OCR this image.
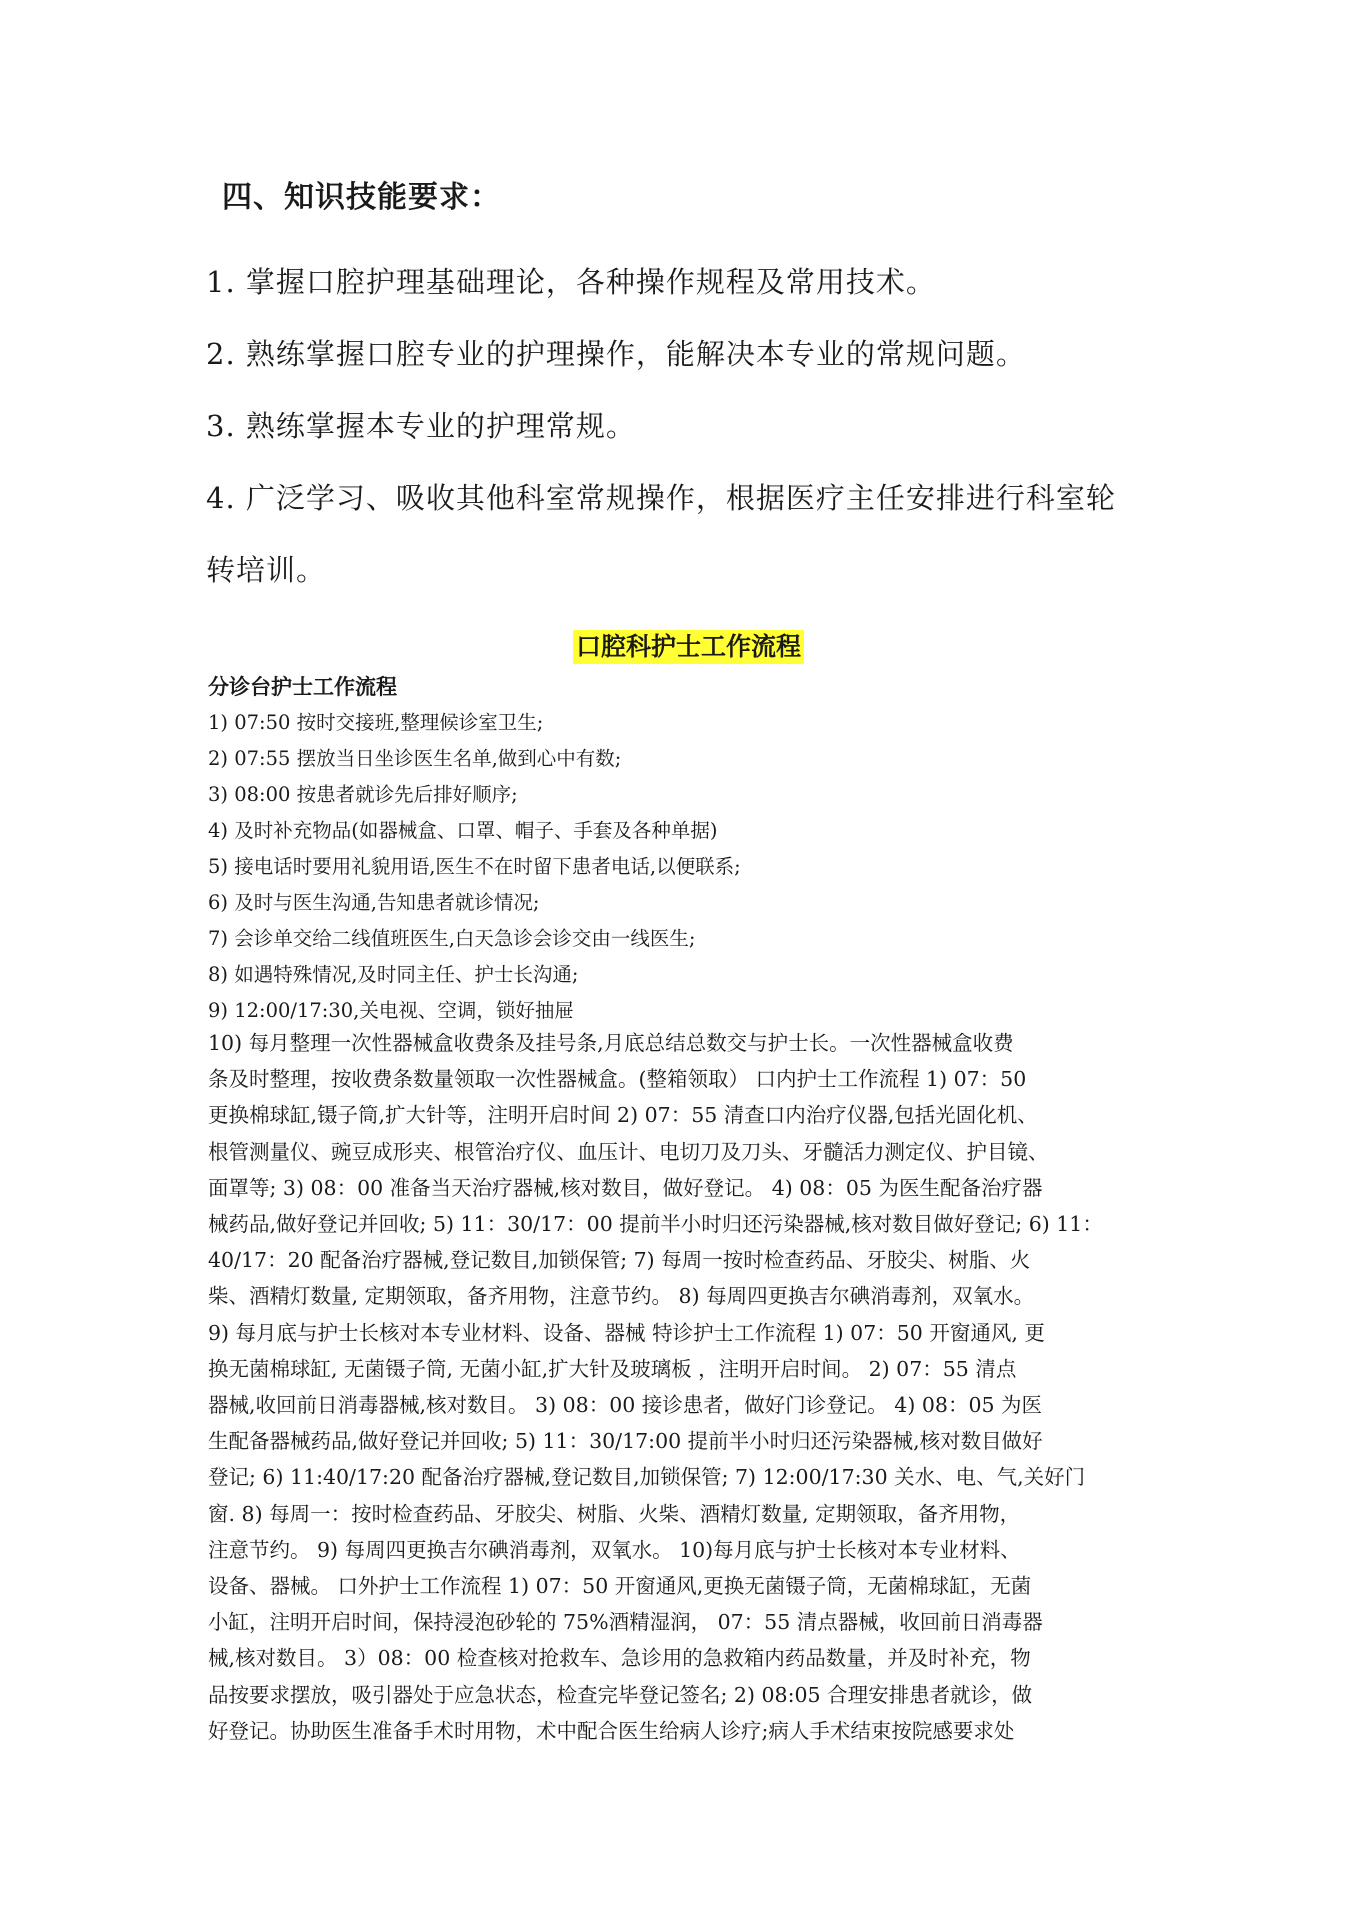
四、知识技能要求：
1. 掌握口腔护理基础理论，各种操作规程及常用技术。
2. 熟练掌握口腔专业的护理操作，能解决本专业的常规问题。
3. 熟练掌握本专业的护理常规。
4. 广泛学习、吸收其他科室常规操作，根据医疗主任安排进行科室轮
转培训。
口腔科护士工作流程
分诊台护士工作流程
1) 07:50 按时交接班,整理候诊室卫生;
2) 07:55 摆放当日坐诊医生名单,做到心中有数;
3) 08:00 按患者就诊先后排好顺序;
4) 及时补充物品(如器械盒、口罩、帽子、手套及各种单据)
5) 接电话时要用礼貌用语,医生不在时留下患者电话,以便联系;
6) 及时与医生沟通,告知患者就诊情况;
7) 会诊单交给二线值班医生,白天急诊会诊交由一线医生;
8) 如遇特殊情况,及时同主任、护士长沟通;
9) 12:00/17:30,关电视、空调，锁好抽屉
10) 每月整理一次性器械盒收费条及挂号条,月底总结总数交与护士长。一次性器械盒收费
条及时整理，按收费条数量领取一次性器械盒。(整箱领取） 口内护士工作流程 1) 07：50
更换棉球缸,镊子筒,扩大针等，注明开启时间 2) 07：55 清查口内治疗仪器,包括光固化机、
根管测量仪、豌豆成形夹、根管治疗仪、血压计、电切刀及刀头、牙髓活力测定仪、护目镜、
面罩等; 3) 08：00 准备当天治疗器械,核对数目，做好登记。 4) 08：05 为医生配备治疗器
械药品,做好登记并回收; 5) 11：30/17：00 提前半小时归还污染器械,核对数目做好登记; 6) 11：
40/17：20 配备治疗器械,登记数目,加锁保管; 7) 每周一按时检查药品、牙胶尖、树脂、火
柴、酒精灯数量, 定期领取，备齐用物，注意节约。 8) 每周四更换吉尔碘消毒剂，双氧水。
9) 每月底与护士长核对本专业材料、设备、器械 特诊护士工作流程 1) 07：50 开窗通风, 更
换无菌棉球缸, 无菌镊子筒, 无菌小缸,扩大针及玻璃板 ，注明开启时间。 2) 07：55 清点
器械,收回前日消毒器械,核对数目。 3) 08：00 接诊患者，做好门诊登记。 4) 08：05 为医
生配备器械药品,做好登记并回收; 5) 11：30/17:00 提前半小时归还污染器械,核对数目做好
登记; 6) 11:40/17:20 配备治疗器械,登记数目,加锁保管; 7) 12:00/17:30 关水、电、气,关好门
窗. 8) 每周一：按时检查药品、牙胶尖、树脂、火柴、酒精灯数量, 定期领取，备齐用物，
注意节约。 9) 每周四更换吉尔碘消毒剂，双氧水。 10)每月底与护士长核对本专业材料、
设备、器械。 口外护士工作流程 1) 07：50 开窗通风,更换无菌镊子筒，无菌棉球缸，无菌
小缸，注明开启时间，保持浸泡砂轮的 75%酒精湿润， 07：55 清点器械，收回前日消毒器
械,核对数目。 3）08：00 检查核对抢救车、急诊用的急救箱内药品数量，并及时补充，物
品按要求摆放，吸引器处于应急状态，检查完毕登记签名; 2) 08:05 合理安排患者就诊，做
好登记。协助医生准备手术时用物，术中配合医生给病人诊疗;病人手术结束按院感要求处
